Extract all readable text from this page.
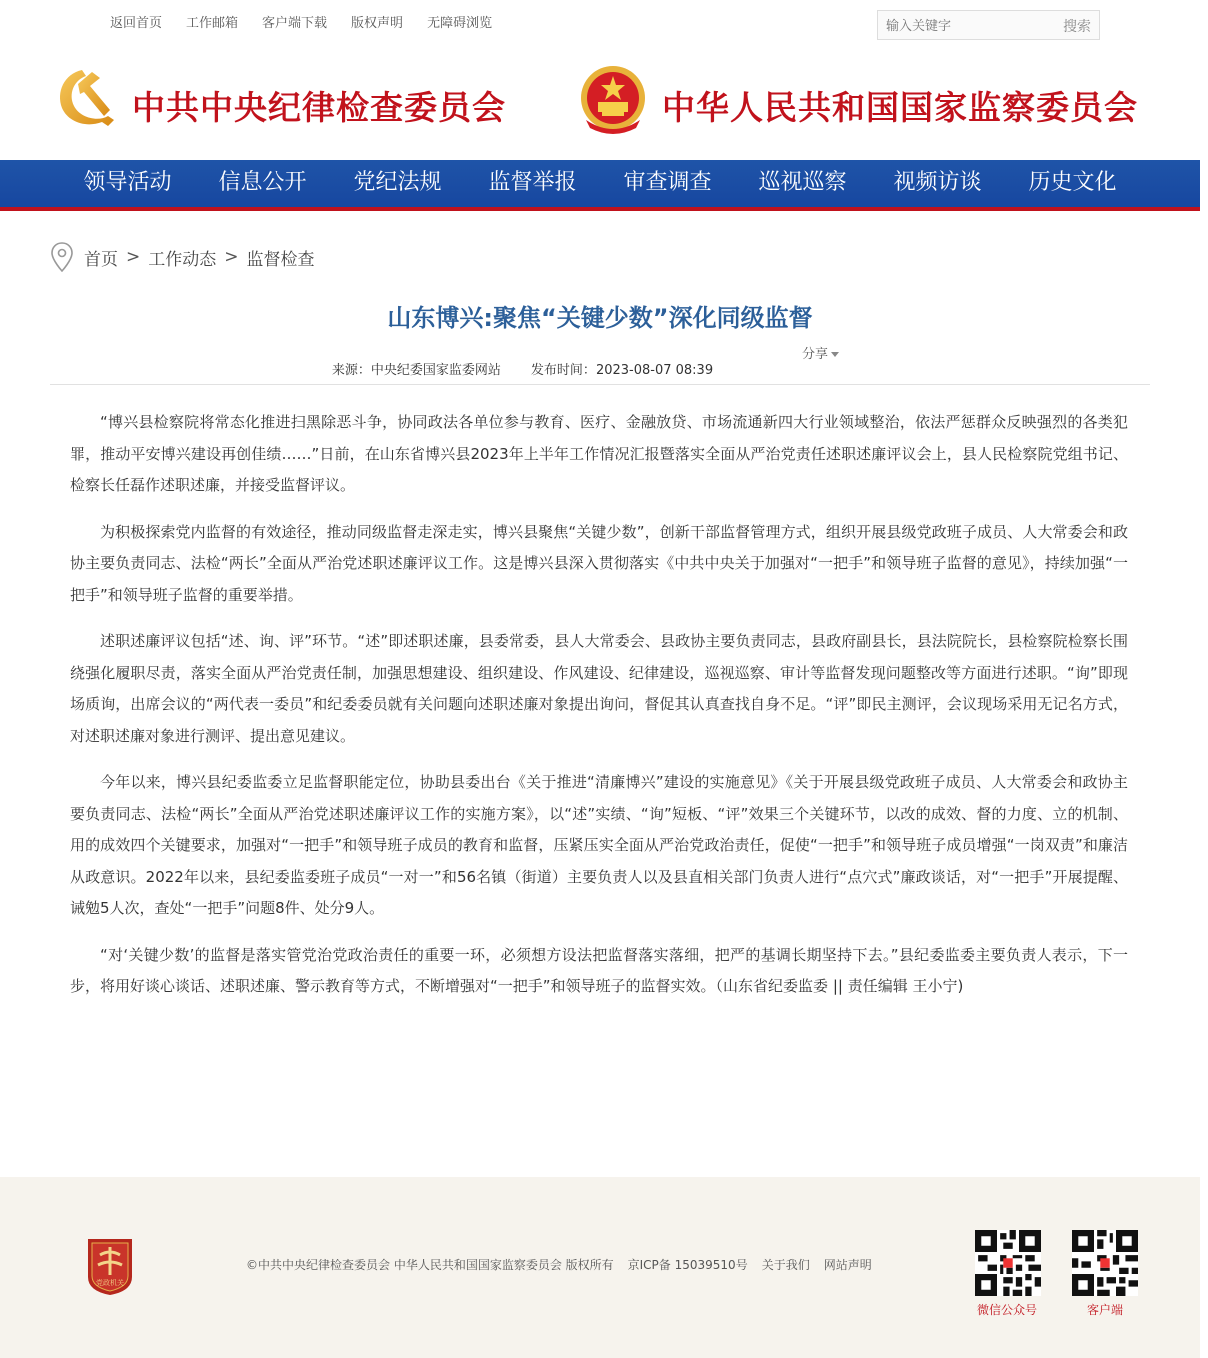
返回首页 工作邮箱 客户端下载 版权声明 无障碍浏览
输入关键字	搜索
中共中央纪律检查委员会	中华人民共和国国家监察委员会
领导活动	信息公开	党纪法规	监督举报	审查调查	巡视巡察	视频访谈	历史文化
首页 > 工作动态 > 监督检查
山东博兴:聚焦“关键少数”深化同级监督
分享
来源：中央纪委国家监委网站 发布时间：2023-08-07 08:39

“博兴县检察院将常态化推进扫黑除恶斗争，协同政法各单位参与教育、医疗、金融放贷、市场流通新四大行业领域整治，依法严惩群众反映强烈的各类犯罪，推动平安博兴建设再创佳绩……”日前，在山东省博兴县2023年上半年工作情况汇报暨落实全面从严治党责任述职述廉评议会上，县人民检察院党组书记、检察长任磊作述职述廉，并接受监督评议。

为积极探索党内监督的有效途径，推动同级监督走深走实，博兴县聚焦“关键少数”，创新干部监督管理方式，组织开展县级党政班子成员、人大常委会和政协主要负责同志、法检“两长”全面从严治党述职述廉评议工作。这是博兴县深入贯彻落实《中共中央关于加强对“一把手”和领导班子监督的意见》，持续加强“一把手”和领导班子监督的重要举措。

述职述廉评议包括“述、询、评”环节。“述”即述职述廉，县委常委，县人大常委会、县政协主要负责同志，县政府副县长，县法院院长，县检察院检察长围绕强化履职尽责，落实全面从严治党责任制，加强思想建设、组织建设、作风建设、纪律建设，巡视巡察、审计等监督发现问题整改等方面进行述职。“询”即现场质询，出席会议的“两代表一委员”和纪委委员就有关问题向述职述廉对象提出询问，督促其认真查找自身不足。“评”即民主测评，会议现场采用无记名方式，对述职述廉对象进行测评、提出意见建议。

今年以来，博兴县纪委监委立足监督职能定位，协助县委出台《关于推进“清廉博兴”建设的实施意见》《关于开展县级党政班子成员、人大常委会和政协主要负责同志、法检“两长”全面从严治党述职述廉评议工作的实施方案》，以“述”实绩、“询”短板、“评”效果三个关键环节，以改的成效、督的力度、立的机制、用的成效四个关键要求，加强对“一把手”和领导班子成员的教育和监督，压紧压实全面从严治党政治责任，促使“一把手”和领导班子成员增强“一岗双责”和廉洁从政意识。2022年以来，县纪委监委班子成员“一对一”和56名镇（街道）主要负责人以及县直相关部门负责人进行“点穴式”廉政谈话，对“一把手”开展提醒、诫勉5人次，查处“一把手”问题8件、处分9人。

“对‘关键少数’的监督是落实管党治党政治责任的重要一环，必须想方设法把监督落实落细，把严的基调长期坚持下去。”县纪委监委主要负责人表示，下一步，将用好谈心谈话、述职述廉、警示教育等方式，不断增强对“一把手”和领导班子的监督实效。（山东省纪委监委 || 责任编辑 王小宁)

党政机关
©中共中央纪律检查委员会 中华人民共和国国家监察委员会 版权所有 京ICP备 15039510号 关于我们 网站声明
微信公众号	客户端
